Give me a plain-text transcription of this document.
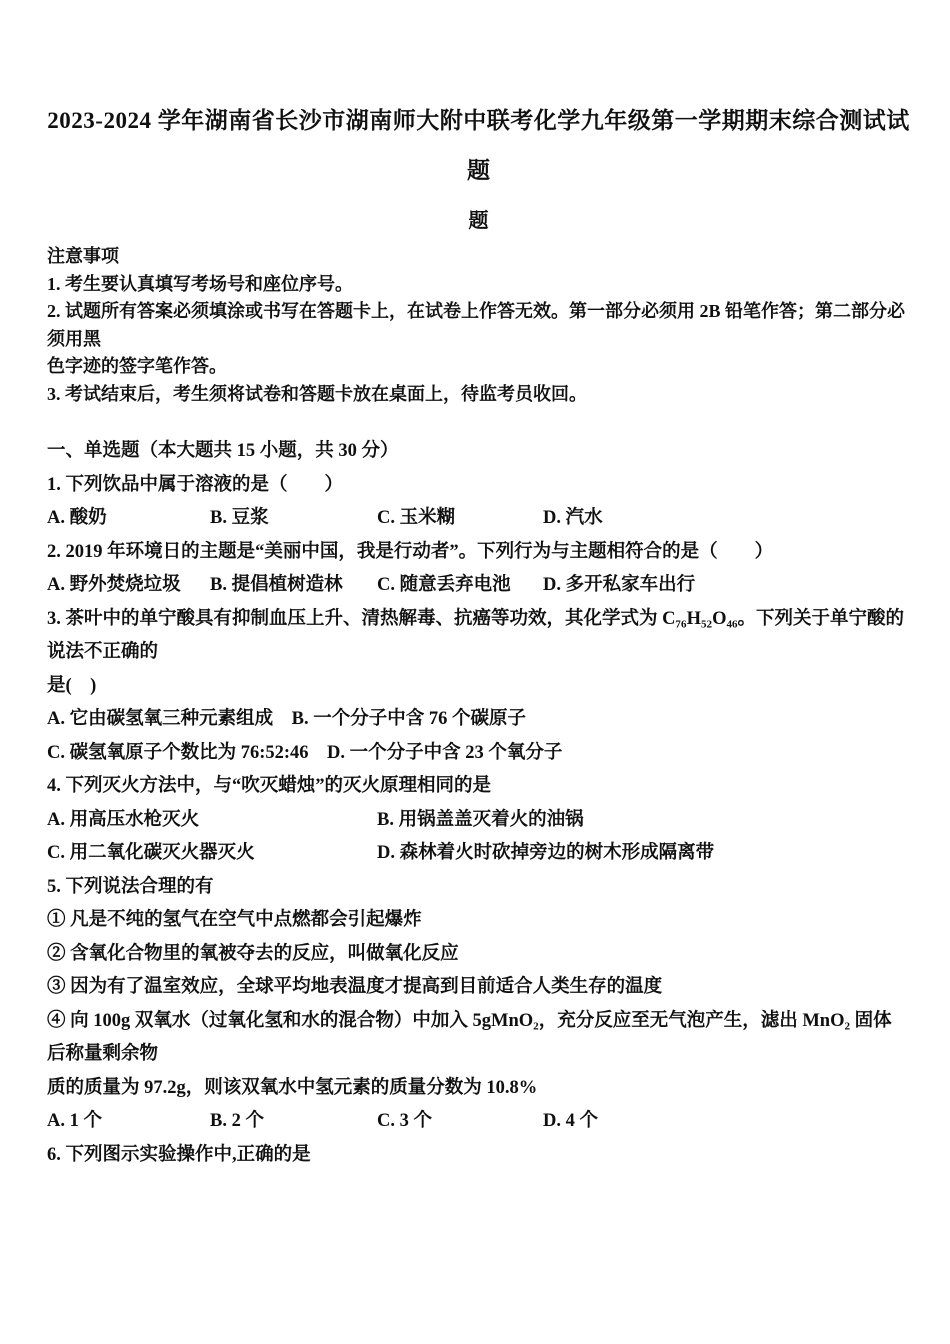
2023-2024 学年湖南省长沙市湖南师大附中联考化学九年级第一学期期末综合测试试
题
题

注意事项

1. 考生要认真填写考场号和座位序号。

2. 试题所有答案必须填涂或书写在答题卡上，在试卷上作答无效。第一部分必须用 2B 铅笔作答；第二部分必须用黑

色字迹的签字笔作答。

3. 考试结束后，考生须将试卷和答题卡放在桌面上，待监考员收回。

一、单选题（本大题共 15 小题，共 30 分）

1. 下列饮品中属于溶液的是（　　）

A. 酸奶	B. 豆浆	C. 玉米糊	D. 汽水

2. 2019 年环境日的主题是“美丽中国，我是行动者”。下列行为与主题相符合的是（　　）

A. 野外焚烧垃圾 B. 提倡植树造林 C. 随意丢弃电池 D. 多开私家车出行

3. 茶叶中的单宁酸具有抑制血压上升、清热解毒、抗癌等功效，其化学式为 C₇₆H₅₂O₄₆。下列关于单宁酸的说法不正确的

是(　)

A. 它由碳氢氧三种元素组成　B. 一个分子中含 76 个碳原子

C. 碳氢氧原子个数比为 76:52:46　D. 一个分子中含 23 个氧分子

4. 下列灭火方法中，与“吹灭蜡烛”的灭火原理相同的是

A. 用高压水枪灭火	B. 用锅盖盖灭着火的油锅

C. 用二氧化碳灭火器灭火	D. 森林着火时砍掉旁边的树木形成隔离带

5. 下列说法合理的有

① 凡是不纯的氢气在空气中点燃都会引起爆炸

② 含氧化合物里的氧被夺去的反应，叫做氧化反应

③ 因为有了温室效应，全球平均地表温度才提高到目前适合人类生存的温度

④ 向 100g 双氧水（过氧化氢和水的混合物）中加入 5gMnO₂，充分反应至无气泡产生，滤出 MnO₂ 固体后称量剩余物

质的质量为 97.2g，则该双氧水中氢元素的质量分数为 10.8%

A. 1 个	B. 2 个	C. 3 个	D. 4 个

6. 下列图示实验操作中,正确的是
